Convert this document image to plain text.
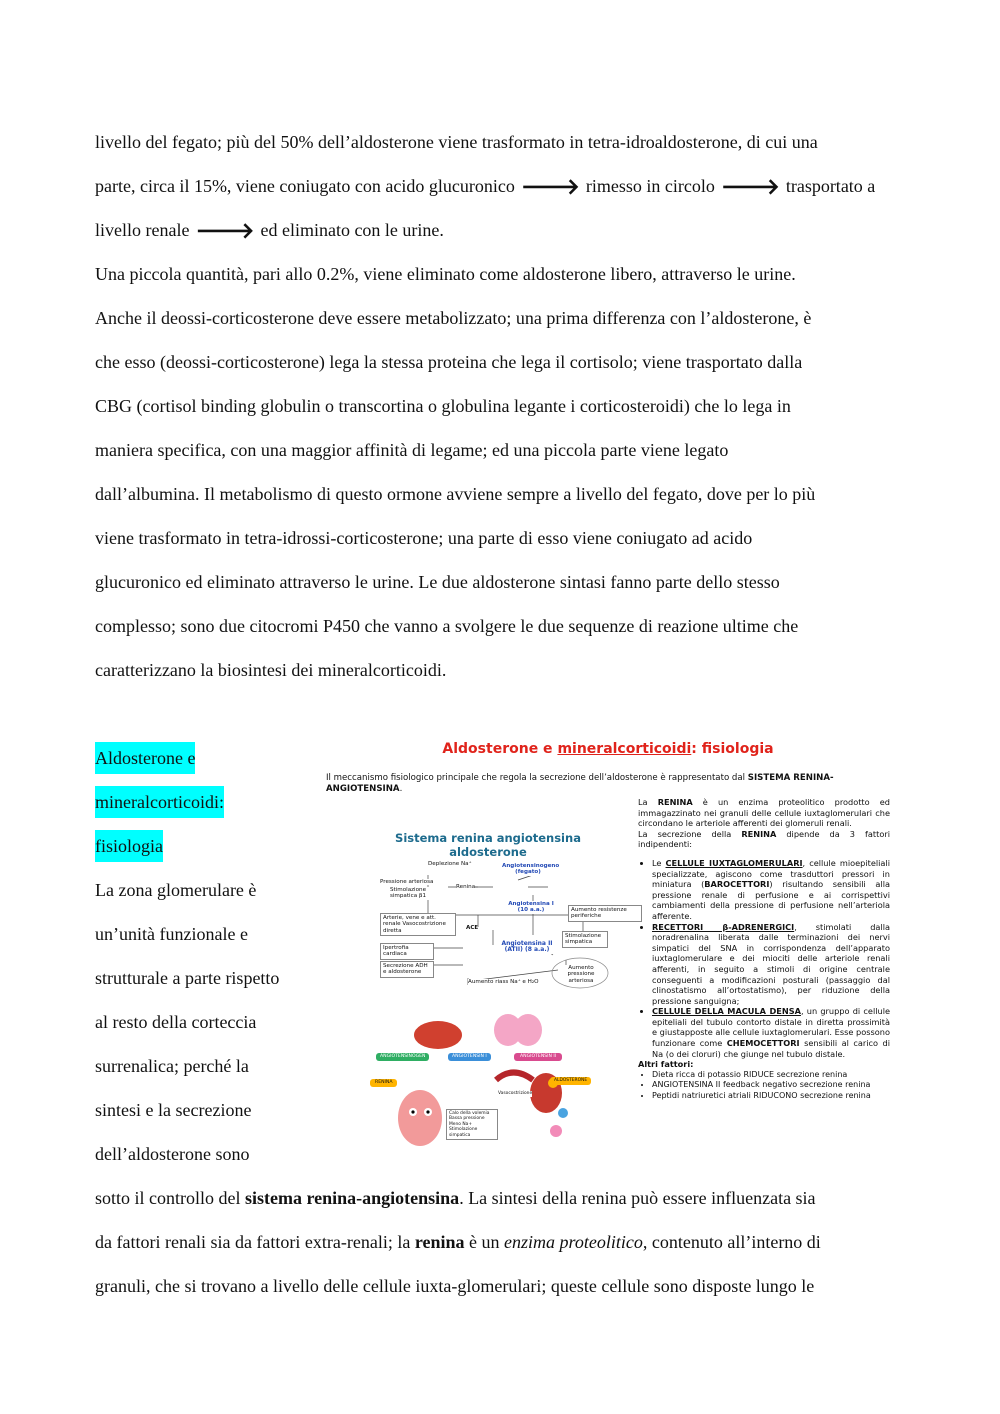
livello del fegato; più del 50% dell’aldosterone viene trasformato in tetra‑idroaldosterone, di cui una
parte, circa il 15%, viene coniugato con acido glucuronico 🡒 rimesso in circolo 🡒 trasportato a
livello renale 🡒 ed eliminato con le urine.
Una piccola quantità, pari allo 0.2%, viene eliminato come aldosterone libero, attraverso le urine.
Anche il deossi‑corticosterone deve essere metabolizzato; una prima differenza con l’aldosterone, è
che esso (deossi‑corticosterone) lega la stessa proteina che lega il cortisolo; viene trasportato dalla
CBG (cortisol binding globulin o transcortina o globulina legante i corticosteroidi) che lo lega in
maniera specifica, con una maggior affinità di legame; ed una piccola parte viene legato
dall’albumina. Il metabolismo di questo ormone avviene sempre a livello del fegato, dove per lo più
viene trasformato in tetra‑idrossi‑corticosterone; una parte di esso viene coniugato ad acido
glucuronico ed eliminato attraverso le urine. Le due aldosterone sintasi fanno parte dello stesso
complesso; sono due citocromi P450 che vanno a svolgere le due sequenze di reazione ultime che
caratterizzano la biosintesi dei mineralcorticoidi.
Aldosterone e
mineralcorticoidi:
fisiologia
La zona glomerulare è
un’unità funzionale e
strutturale a parte rispetto
al resto della corteccia
surrenalica; perché la
sintesi e la secrezione
dell’aldosterone sono
sotto il controllo del sistema renina‑angiotensina. La sintesi della renina può essere influenzata sia
da fattori renali sia da fattori extra‑renali; la renina è un enzima proteolitico, contenuto all’interno di
granuli, che si trovano a livello delle cellule iuxta‑glomerulari; queste cellule sono disposte lungo le
Aldosterone e mineralcorticoidi: fisiologia
Il meccanismo fisiologico principale che regola la secrezione dell’aldosterone è rappresentato dal SISTEMA RENINA-ANGIOTENSINA.
Sistema renina angiotensina aldosterone
Deplezione Na⁺	Angiotensinogeno (fegato)
Pressione arteriosa
Stimolazione simpatica β1
Renina
Angiotensina I (10 a.a.)
Arterie, vene e att. renale Vasocostrizione diretta
Aumento resistenze periferiche
ACE
Stimolazione simpatica
Ipertrofia cardiaca
Angiotensina II (ATII) (8 a.a.)
Secrezione ADH e aldosterone
Aumento pressione arteriosa
Aumento riass Na⁺ e H₂O
ANGIOTENSINOGEN	ANGIOTENSIN I	ANGIOTENSIN II
RENINA	ALDOSTERONE
Vasocostrizione
Calo della volemia
Bassa pressione
Meno Na+
Stimolazione simpatica

La RENINA è un enzima proteolitico prodotto ed immagazzinato nei granuli delle cellule iuxtaglomerulari che circondano le arteriole afferenti dei glomeruli renali.

La secrezione della RENINA dipende da 3 fattori indipendenti:

• Le CELLULE IUXTAGLOMERULARI, cellule mioepiteliali specializzate, agiscono come trasduttori pressori in miniatura (BAROCETTORI) risultando sensibili alla pressione renale di perfusione e ai corrispettivi cambiamenti della pressione di perfusione nell’arteriola afferente.
• RECETTORI β-ADRENERGICI, stimolati dalla noradrenalina liberata dalle terminazioni dei nervi simpatici del SNA in corrispondenza dell’apparato iuxtaglomerulare e dei miociti delle arteriole renali afferenti, in seguito a stimoli di origine centrale conseguenti a modificazioni posturali (passaggio dal clinostatismo all’ortostatismo), per riduzione della pressione sanguigna;
• CELLULE DELLA MACULA DENSA, un gruppo di cellule epiteliali del tubulo contorto distale in diretta prossimità e giustapposte alle cellule iuxtaglomerulari. Esse possono funzionare come CHEMOCETTORI sensibili al carico di Na (o dei cloruri) che giunge nel tubulo distale.

Altri fattori:

• Dieta ricca di potassio RIDUCE secrezione renina
• ANGIOTENSINA II feedback negativo secrezione renina
• Peptidi natriuretici atriali RIDUCONO secrezione renina
